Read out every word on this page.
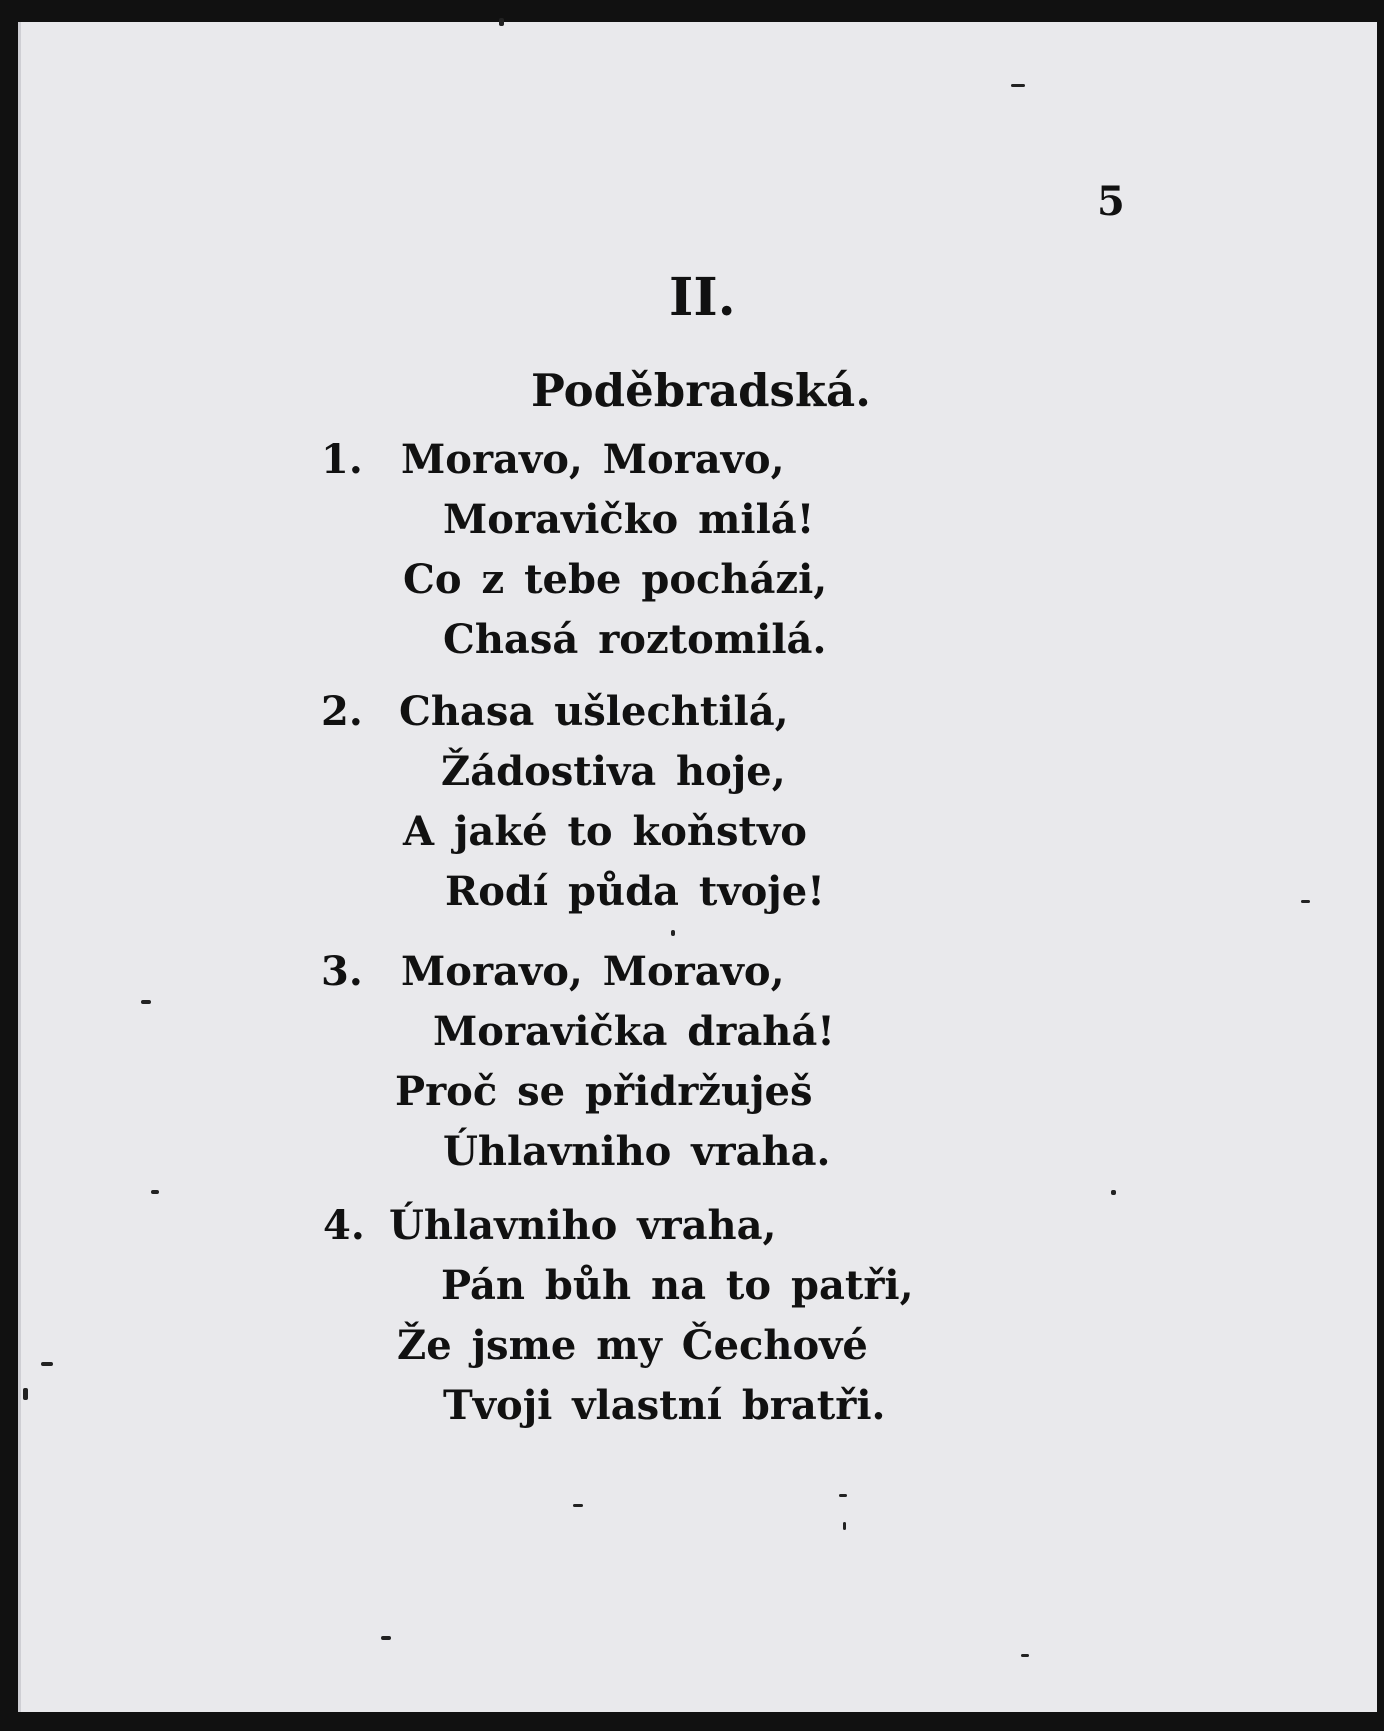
5
II.
Poděbradská.
1. Moravo, Moravo,
Moravičko milá!
Co z tebe pocházi,
Chasá roztomilá.
2. Chasa ušlechtilá,
Žádostiva hoje,
A jaké to koňstvo
Rodí půda tvoje!
3. Moravo, Moravo,
Moravička drahá!
Proč se přidržuješ
Úhlavniho vraha.
4. Úhlavniho vraha,
Pán bůh na to patři,
Že jsme my Čechové
Tvoji vlastní bratři.
